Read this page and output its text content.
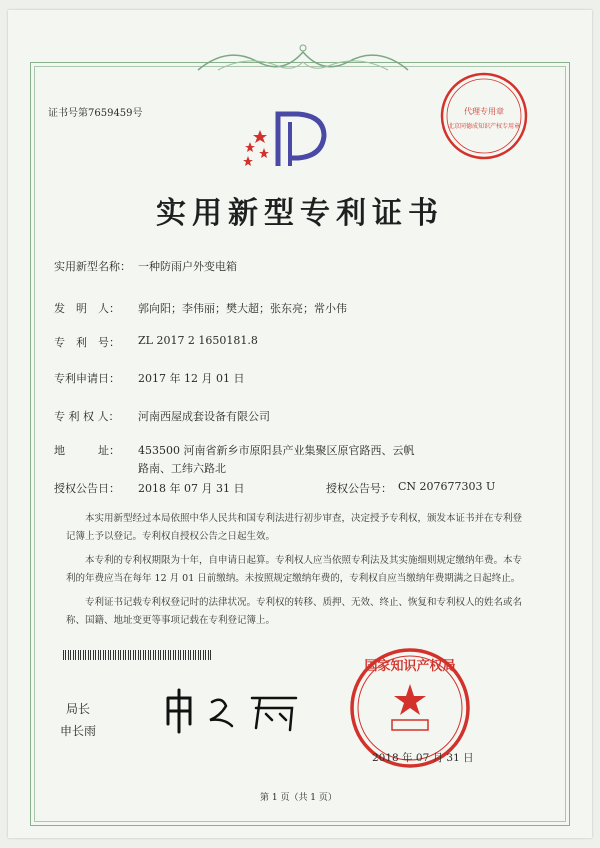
证书号第7659459号
实用新型专利证书
代理专用章
北京同德成知识产权专用章
实用新型名称： 一种防雨户外变电箱
发　明　人： 郭向阳；李伟丽；樊大超；张东亮；常小伟
专　利　号： ZL 2017 2 1650181.8
专利申请日： 2017 年 12 月 01 日
专 利 权 人： 河南西屋成套设备有限公司
地　　　址： 453500 河南省新乡市原阳县产业集聚区原官路西、云帆
路南、工纬六路北
授权公告日： 2018 年 07 月 31 日	授权公告号： CN 207677303 U
本实用新型经过本局依照中华人民共和国专利法进行初步审查，决定授予专利权，颁发本证书并在专利登记簿上予以登记。专利权自授权公告之日起生效。
本专利的专利权期限为十年，自申请日起算。专利权人应当依照专利法及其实施细则规定缴纳年费。本专利的年费应当在每年 12 月 01 日前缴纳。未按照规定缴纳年费的，专利权自应当缴纳年费期满之日起终止。
专利证书记载专利权登记时的法律状况。专利权的转移、质押、无效、终止、恢复和专利权人的姓名或名称、国籍、地址变更等事项记载在专利登记簿上。
局长
申长雨
国家知识产权局
2018 年 07 月 31 日
第 1 页（共 1 页）
